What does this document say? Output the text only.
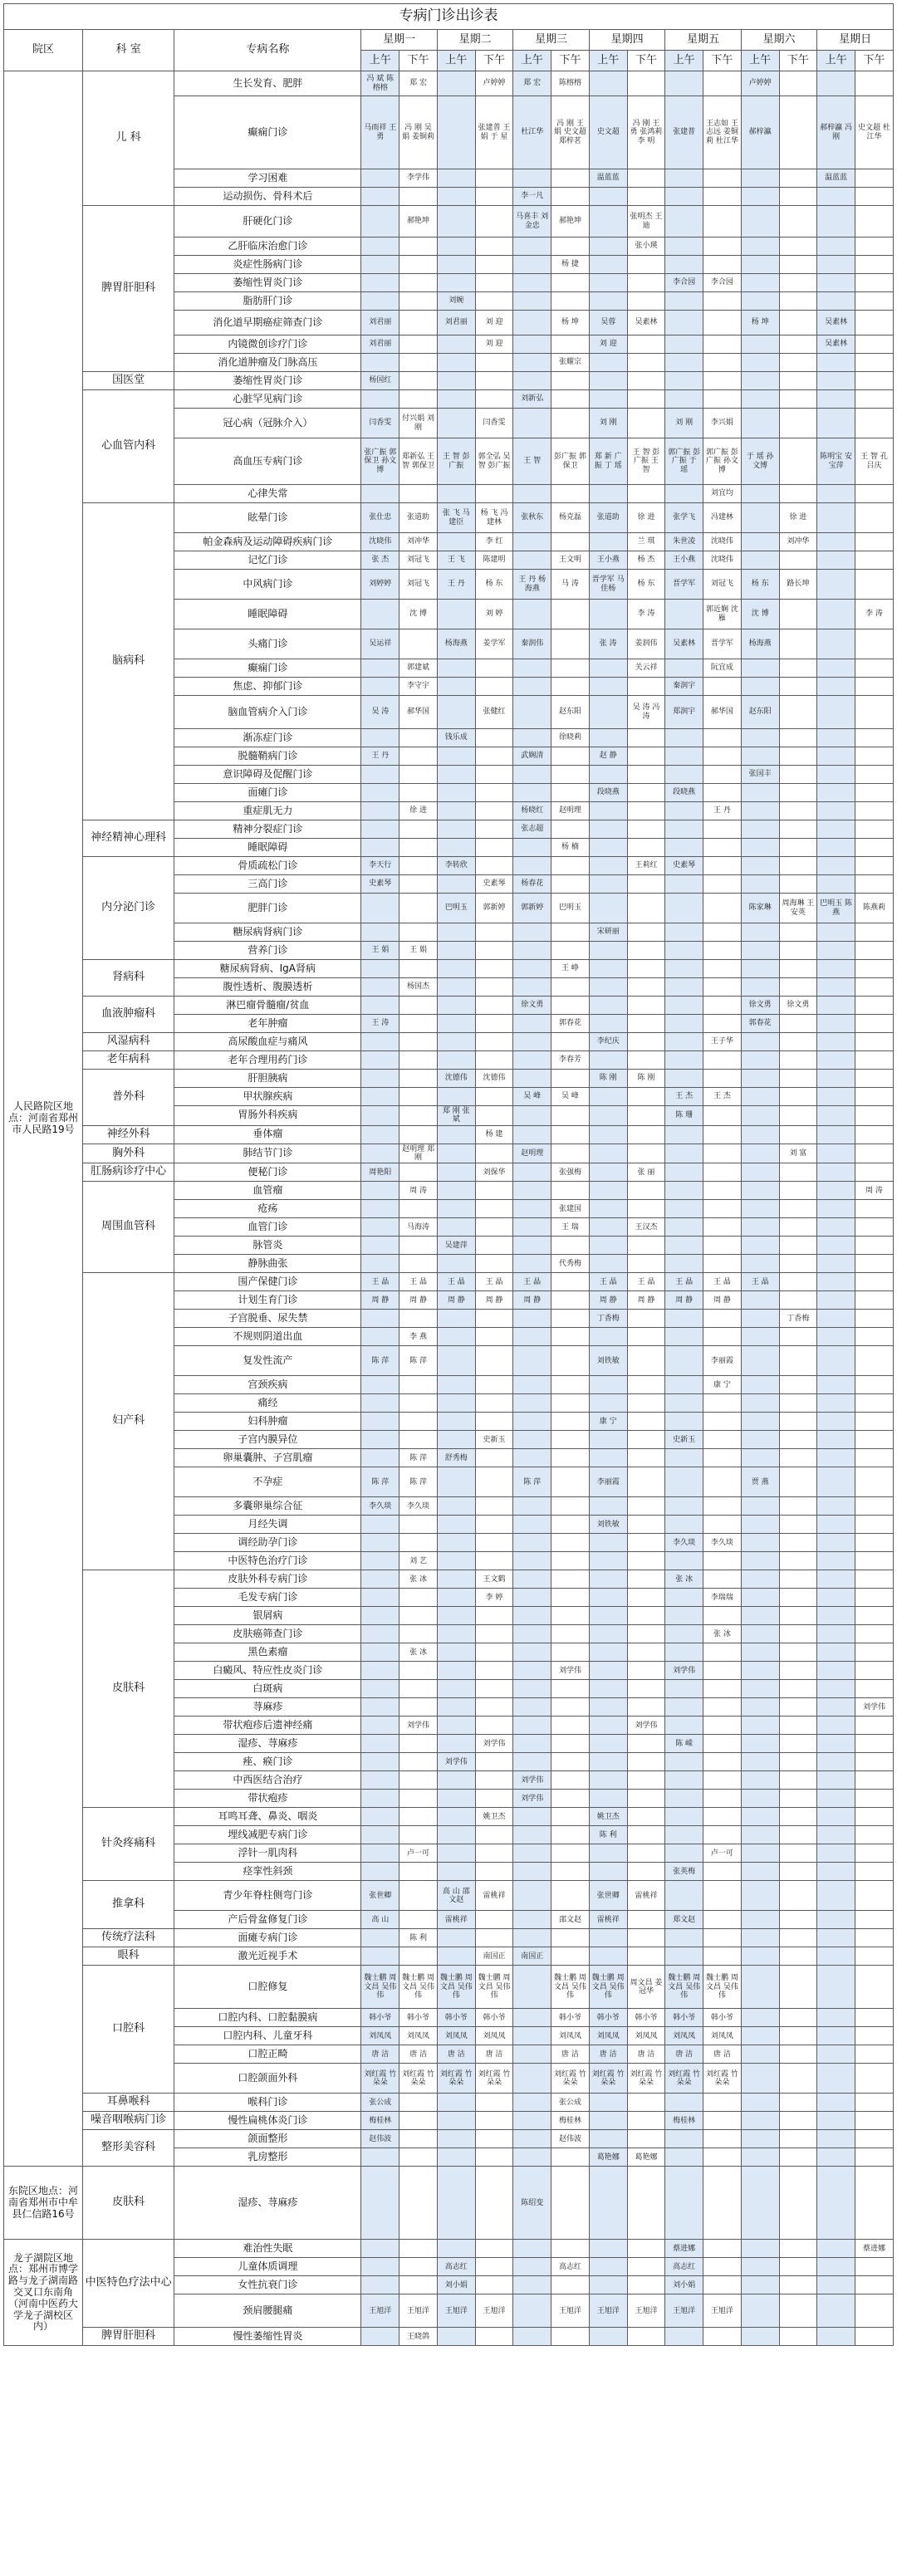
专病门诊出诊表																
院区	科 室	专病名称	星期一		星期二		星期三		星期四		星期五		星期六		星期日	
			上午	下午	上午	下午	上午	下午	上午	下午	上午	下午	上午	下午	上午	下午
人民路院区地点：河南省郑州市人民路19号	儿 科	生长发育、肥胖	冯 斌 陈榕榕	郑 宏		卢婷婷	郑 宏	陈榕榕					卢婷婷			
		癫痫门诊	马雨祥 王 勇	冯 刚 吴 娟 姜铜莉		张建普 王 娟 于 星	杜江华	冯 刚 王 娟 史文超 郑梓茗	史文超	冯 刚 王 勇 张鸿莉 李 明	张建普	王志如 王志远 姜铜莉 杜江华	郝梓瀛		郝梓瀛 冯 刚	史文超 杜江华
		学习困难		李学伟					温蓝蓝						温蓝蓝	
		运动损伤、骨科术后					李一凡									
	脾胃肝胆科	肝硬化门诊		郝艳坤			马喜丰 刘金忠	郝艳坤		张明杰 王 迪						
		乙肝临床治愈门诊								张小瑛						
		炎症性肠病门诊						杨 捷								
		萎缩性胃炎门诊									李合园	李合园				
		脂肪肝门诊			刘婉											
		消化道早期癌症筛查门诊	刘君丽		刘君丽	刘 迎		杨 坤	吴蓉	吴素林			杨 坤		吴素林	
		内镜微创诊疗门诊	刘君丽			刘 迎			刘 迎						吴素林	
		消化道肿瘤及门脉高压						张耀宗								
	国医堂	萎缩性胃炎门诊	杨国红													
	心血管内科	心脏罕见病门诊					刘新弘									
		冠心病（冠脉介入）	闫香雯	付兴娟 刘 刚		闫香雯			刘 刚		刘 刚	李兴娟				
		高血压专病门诊	张广振 郭保卫 孙文博	郑新弘 王 智 郭保卫	王 智 彭广振	郭全弘 吴 智 彭广振	王 智	彭广振 郭保卫	郑 新 广振 丁 瑶	王 智 彭广振 王 智	郭广振 彭广振 于 瑶	郭广振 彭广振 孙文博	于 瑶 孙文博		陈明宝 安宝萍	王 智 孔吕庆
		心律失常										刘宜均				
	脑病科	眩晕门诊	张仕忠	张道助	张 飞 马建臣	杨 飞 冯建林	张秋东	杨克磊	张道助	徐 进	张学飞	冯建林		徐 进		
		帕金森病及运动障碍疾病门诊	沈晓伟	刘冲华		李 红				兰 琪	朱世凌	沈晓伟		刘冲华		
		记忆门诊	张 杰	刘冠飞	王 飞	陈建明		王文明	王小燕	杨 杰	王小燕	沈晓伟				
		中风病门诊	刘婷婷	刘冠飞	王 丹	杨 东	王 丹 杨海燕	马 涛	晋学军 马佳杨	杨 东	晋学军	刘冠飞	杨 东	路长坤		
		睡眠障碍		沈 博		刘 婷				李 涛		郭近娴 沈 雁	沈 博			李 涛
		头痛门诊	吴运祥		杨海燕	姜学军	秦润伟		张 涛	姜润伟	吴素林	晋学军	杨海燕			
		癫痫门诊		郭建斌						关云祥		阮宜成				
		焦虑、抑郁门诊		李守宇							秦润宇					
		脑血管病介入门诊	吴 涛	郝华国		张健红		赵东阳		吴 涛 冯 涛	郑润宇	郝华国	赵东阳			
		渐冻症门诊			钱乐成			徐晓莉								
		脱髓鞘病门诊	王 丹				武娴清		赵 静							
		意识障碍及促醒门诊											张国丰			
		面瘫门诊							段晓燕		段晓燕					
		重症肌无力		徐 进			杨晓红	赵明理				王 丹				
	神经精神心理科	精神分裂症门诊					张志超									
		睡眠障碍						杨 楠								
	内分泌门诊	骨质疏松门诊	李天行		李转欣					王莉红	史素琴					
		三高门诊	史素琴			史素琴	杨春花									
		肥胖门诊			巴明玉	郭新婷	郭新婷	巴明玉					陈家琳	周海琳 王安英	巴明玉 陈燕	陈燕莉
		糖尿病肾病门诊							宋研丽							
		营养门诊	王 娟	王 娟												
	肾病科	糖尿病肾病、IgA肾病						王 峥								
		腹性透析、腹膜透析		杨国杰												
	血液肿瘤科	淋巴瘤骨髓瘤/贫血					徐文勇						徐文勇	徐文勇		
		老年肿瘤	王 涛					郭春花					郭春花			
	风湿病科	高尿酸血症与痛风							李纪庆			王子华				
	老年病科	老年合理用药门诊						李春芳								
	普外科	肝胆胰病			沈德伟	沈德伟			陈 刚	陈 刚						
		甲状腺疾病					吴 峰	吴 峰			王 杰	王 杰				
		胃肠外科疾病			郑 刚 张 斌						陈 珊					
	神经外科	垂体瘤				杨 建										
	胸外科	肺结节门诊		赵明理 郑 刚			赵明理							刘 富		
	肛肠病诊疗中心	便秘门诊	周艳阳			刘保华		张强梅		张 丽						
	周围血管科	血管瘤		周 涛												周 涛
		疮疡						张建国								
		血管门诊		马海涛				王 瑞		王汉杰						
		脉管炎			吴建萍											
		静脉曲张						代秀梅								
	妇产科	围产保健门诊	王 晶	王 晶	王 晶	王 晶	王 晶		王 晶	王 晶	王 晶	王 晶	王 晶			
		计划生育门诊	周 静	周 静	周 静	周 静	周 静		周 静	周 静	周 静	周 静				
		子宫脱垂、尿失禁							丁香梅					丁香梅		
		不规则阴道出血		李 燕												
		复发性流产	陈 萍	陈 萍					刘铁敏			李丽霞				
		宫颈疾病										康 宁				
		痛经														
		妇科肿瘤							康 宁							
		子宫内膜异位				史新玉					史新玉					
		卵巢囊肿、子宫肌瘤		陈 萍	舒秀梅											
		不孕症	陈 萍	陈 萍			陈 萍		李丽霞				贾 燕			
		多囊卵巢综合征	李久琰	李久琰												
		月经失调							刘铁敏							
		调经助孕门诊									李久琰	李久琰				
		中医特色治疗门诊		刘 艺												
	皮肤科	皮肤外科专病门诊		张 冰		王文鹤					张 冰					
		毛发专病门诊				李 婷						李瑞瑞				
		银屑病														
		皮肤癌筛查门诊										张 冰				
		黑色素瘤		张 冰												
		白癜风、特应性皮炎门诊						刘学伟			刘学伟					
		白斑病														
		荨麻疹														刘学伟
		带状疱疹后遗神经痛		刘学伟						刘学伟						
		湿疹、荨麻疹				刘学伟					陈 嵘					
		痤、瘊门诊			刘学伟											
		中西医结合治疗					刘学伟									
		带状疱疹					刘学伟									
	针灸疼痛科	耳鸣耳聋、鼻炎、咽炎				姚卫杰			姚卫杰							
		埋线减肥专病门诊							陈 利							
		浮针一肌肉科		卢一可								卢一可				
		痉挛性斜颈									张英梅					
	推拿科	青少年脊柱侧弯门诊	张世卿		高 山 邵文赵	雷桃祥			张世卿	雷桃祥						
		产后骨盆修复门诊	高 山		雷桃祥			邵文赵	雷桃祥		郑文赵					
	传统疗法科	面瘫专病门诊		陈 利												
	眼科	激光近视手术				南国正	南国正									
	口腔科	口腔修复	魏士鹏 周文昌 吴伟伟	魏士鹏 周文昌 吴伟伟	魏士鹏 周文昌 吴伟伟	魏士鹏 周文昌 吴伟伟		魏士鹏 周文昌 吴伟伟	魏士鹏 周文昌 吴伟伟	周文昌 姜冠华	魏士鹏 周文昌 吴伟伟	魏士鹏 周文昌 吴伟伟				
		口腔内科、口腔黏膜病	韩小爷	韩小爷	韩小爷	韩小爷		韩小爷	韩小爷	韩小爷	韩小爷	韩小爷				
		口腔内科、儿童牙科	刘凤凤	刘凤凤	刘凤凤	刘凤凤		刘凤凤	刘凤凤	刘凤凤	刘凤凤	刘凤凤				
		口腔正畸	唐 洁	唐 洁	唐 洁	唐 洁		唐 洁	唐 洁	唐 洁	唐 洁	唐 洁				
		口腔颌面外科	刘红霞 竹朵朵	刘红霞 竹朵朵	刘红霞 竹朵朵	刘红霞 竹朵朵		刘红霞 竹朵朵	刘红霞 竹朵朵	刘红霞 竹朵朵	刘红霞 竹朵朵	刘红霞 竹朵朵				
	耳鼻喉科	喉科门诊	张公成					张公成								
	噪音咽喉病门诊	慢性扁桃体炎门诊	梅桂林					梅桂林			梅桂林					
	整形美容科	颌面整形	赵伟波					赵伟波								
		乳房整形							葛艳娜	葛艳娜						
东院区地点：河南省郑州市中牟县仁信路16号	皮肤科	湿疹、荨麻疹					陈绍变									
龙子湖院区地点：郑州市博学路与龙子湖南路交叉口东南角（河南中医药大学龙子湖校区内）	中医特色疗法中心	难治性失眠									蔡进娜					蔡进娜
		儿童体质调理			高志红			高志红			高志红					
		女性抗衰门诊			刘小娟						刘小娟					
		颈肩腰腿痛	王旭洋	王旭洋	王旭洋	王旭洋		王旭洋	王旭洋	王旭洋	王旭洋	王旭洋				
	脾胃肝胆科	慢性萎缩性胃炎		王晓鸽												
